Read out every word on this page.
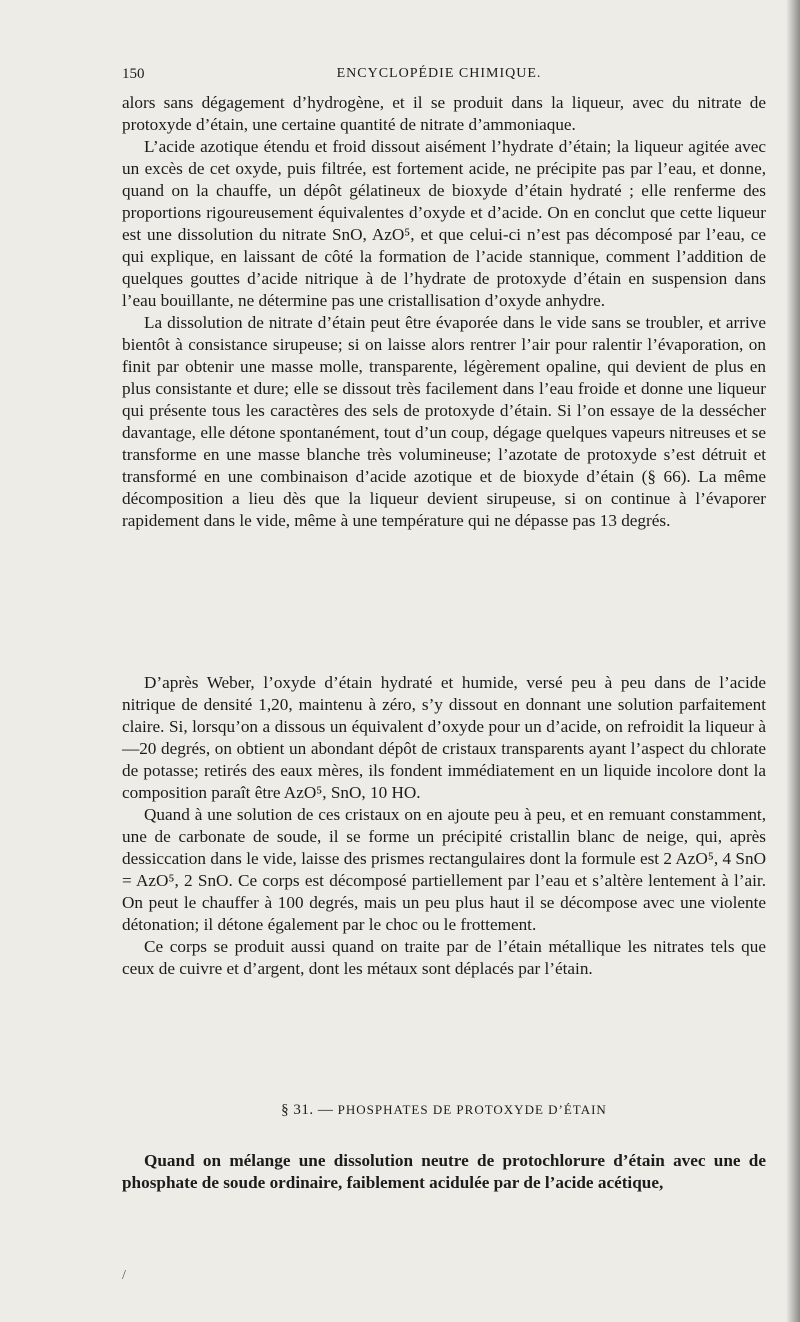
150	ENCYCLOPÉDIE CHIMIQUE.

alors sans dégagement d’hydrogène, et il se produit dans la liqueur, avec du nitrate de protoxyde d’étain, une certaine quantité de nitrate d’ammoniaque.

L’acide azotique étendu et froid dissout aisément l’hydrate d’étain; la liqueur agitée avec un excès de cet oxyde, puis filtrée, est fortement acide, ne précipite pas par l’eau, et donne, quand on la chauffe, un dépôt gélatineux de bioxyde d’étain hydraté ; elle renferme des proportions rigoureusement équivalentes d’oxyde et d’acide. On en conclut que cette liqueur est une dissolution du nitrate SnO, AzO⁵, et que celui-ci n’est pas décomposé par l’eau, ce qui explique, en laissant de côté la formation de l’acide stannique, comment l’addition de quelques gouttes d’acide nitrique à de l’hydrate de protoxyde d’étain en suspension dans l’eau bouillante, ne détermine pas une cristallisation d’oxyde anhydre.

La dissolution de nitrate d’étain peut être évaporée dans le vide sans se troubler, et arrive bientôt à consistance sirupeuse; si on laisse alors rentrer l’air pour ralentir l’évaporation, on finit par obtenir une masse molle, transparente, légèrement opaline, qui devient de plus en plus consistante et dure; elle se dissout très facilement dans l’eau froide et donne une liqueur qui présente tous les caractères des sels de protoxyde d’étain. Si l’on essaye de la dessécher davantage, elle détone spontanément, tout d’un coup, dégage quelques vapeurs nitreuses et se transforme en une masse blanche très volumineuse; l’azotate de protoxyde s’est détruit et transformé en une combinaison d’acide azotique et de bioxyde d’étain (§ 66). La même décomposition a lieu dès que la liqueur devient sirupeuse, si on continue à l’évaporer rapidement dans le vide, même à une température qui ne dépasse pas 13 degrés.

D’après Weber, l’oxyde d’étain hydraté et humide, versé peu à peu dans de l’acide nitrique de densité 1,20, maintenu à zéro, s’y dissout en donnant une solution parfaitement claire. Si, lorsqu’on a dissous un équivalent d’oxyde pour un d’acide, on refroidit la liqueur à —20 degrés, on obtient un abondant dépôt de cristaux transparents ayant l’aspect du chlorate de potasse; retirés des eaux mères, ils fondent immédiatement en un liquide incolore dont la composition paraît être AzO⁵, SnO, 10 HO.

Quand à une solution de ces cristaux on en ajoute peu à peu, et en remuant constamment, une de carbonate de soude, il se forme un précipité cristallin blanc de neige, qui, après dessiccation dans le vide, laisse des prismes rectangulaires dont la formule est 2 AzO⁵, 4 SnO = AzO⁵, 2 SnO. Ce corps est décomposé partiellement par l’eau et s’altère lentement à l’air. On peut le chauffer à 100 degrés, mais un peu plus haut il se décompose avec une violente détonation; il détone également par le choc ou le frottement.

Ce corps se produit aussi quand on traite par de l’étain métallique les nitrates tels que ceux de cuivre et d’argent, dont les métaux sont déplacés par l’étain.

§ 31. — PHOSPHATES DE PROTOXYDE D’ÉTAIN

Quand on mélange une dissolution neutre de protochlorure d’étain avec une de phosphate de soude ordinaire, faiblement acidulée par de l’acide acétique,

/
